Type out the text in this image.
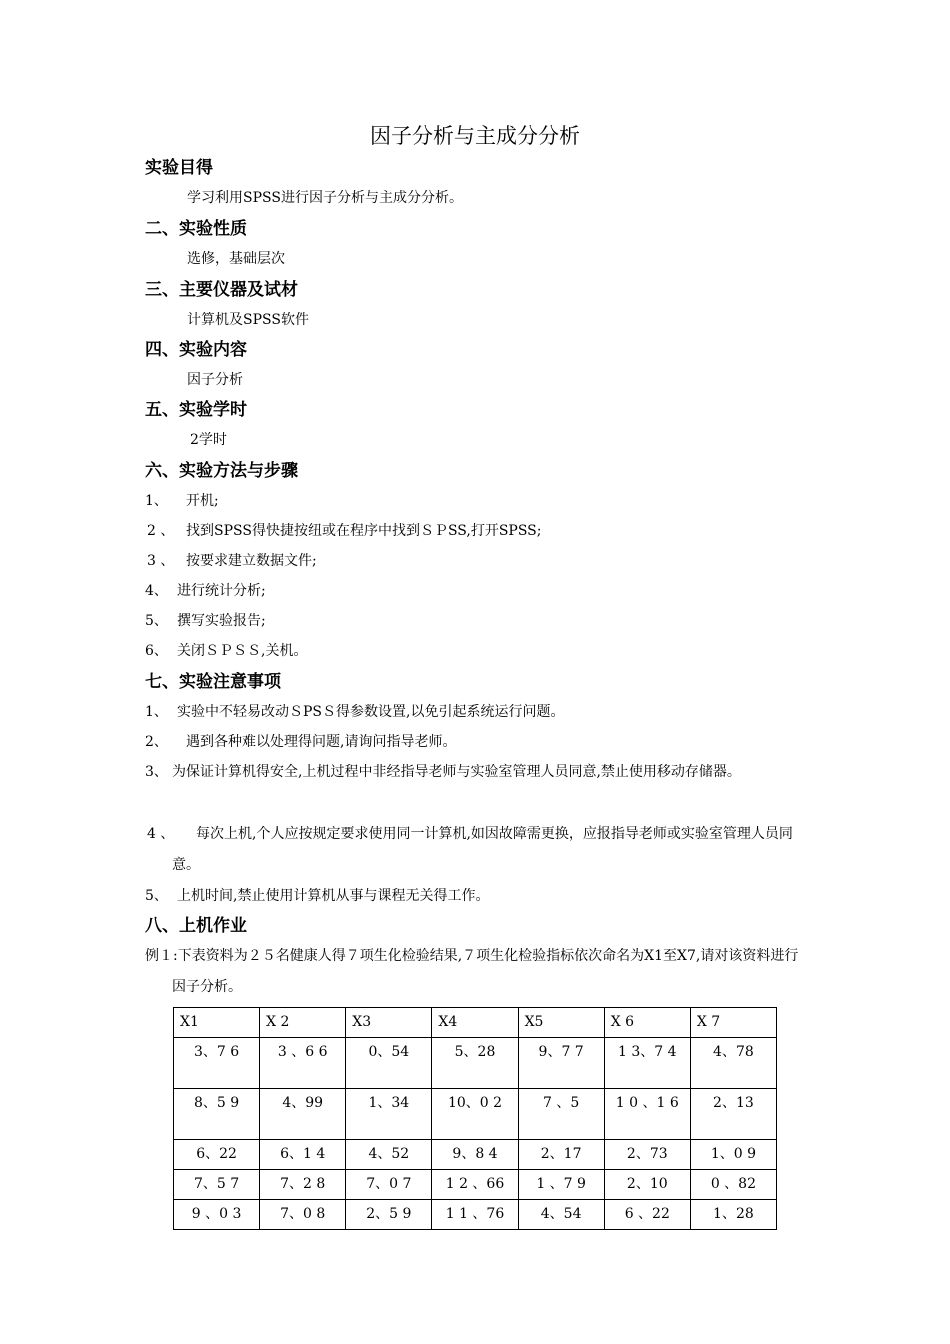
因子分析与主成分分析
实验目得
学习利用SPSS进行因子分析与主成分分析。
二、实验性质
选修，基础层次
三、主要仪器及试材
计算机及SPSS软件
四、实验内容
因子分析
五、实验学时
2学时
六、实验方法与步骤
1、 开机;
2 、 找到SPSS得快捷按纽或在程序中找到ＳＰSS,打开SPSS;
3 、 按要求建立数据文件;
4、 进行统计分析;
5、 撰写实验报告;
6、 关闭ＳＰＳＳ,关机。
七、实验注意事项
1、 实验中不轻易改动ＳPSＳ得参数设置,以免引起系统运行问题。
2、 遇到各种难以处理得问题,请询问指导老师。
3、 为保证计算机得安全,上机过程中非经指导老师与实验室管理人员同意,禁止使用移动存储器。
4 、	每次上机,个人应按规定要求使用同一计算机,如因故障需更换，应报指导老师或实验室管理人员同意。
5、 上机时间,禁止使用计算机从事与课程无关得工作。
八、上机作业
例１:下表资料为２５名健康人得７项生化检验结果,７项生化检验指标依次命名为X1至X7,请对该资料进行因子分析。
X1	X 2	X3	X4	X5	X 6	X 7
3、7 6	3 、6 6	0、54	5、28	9、7 7	1 3、7 4	4、78
8、5 9	4、99	1、34	10、0 2	7 、5	1 0 、1 6	2、13
6、22	6、1 4	4、52	9、8 4	2、17	2、73	1、0 9
7、5 7	7、2 8	7、0 7	1 2 、66	1 、7 9	2、10	0 、82
9 、0 3	7、0 8	2、5 9	1 1 、76	4、54	6 、22	1、28
